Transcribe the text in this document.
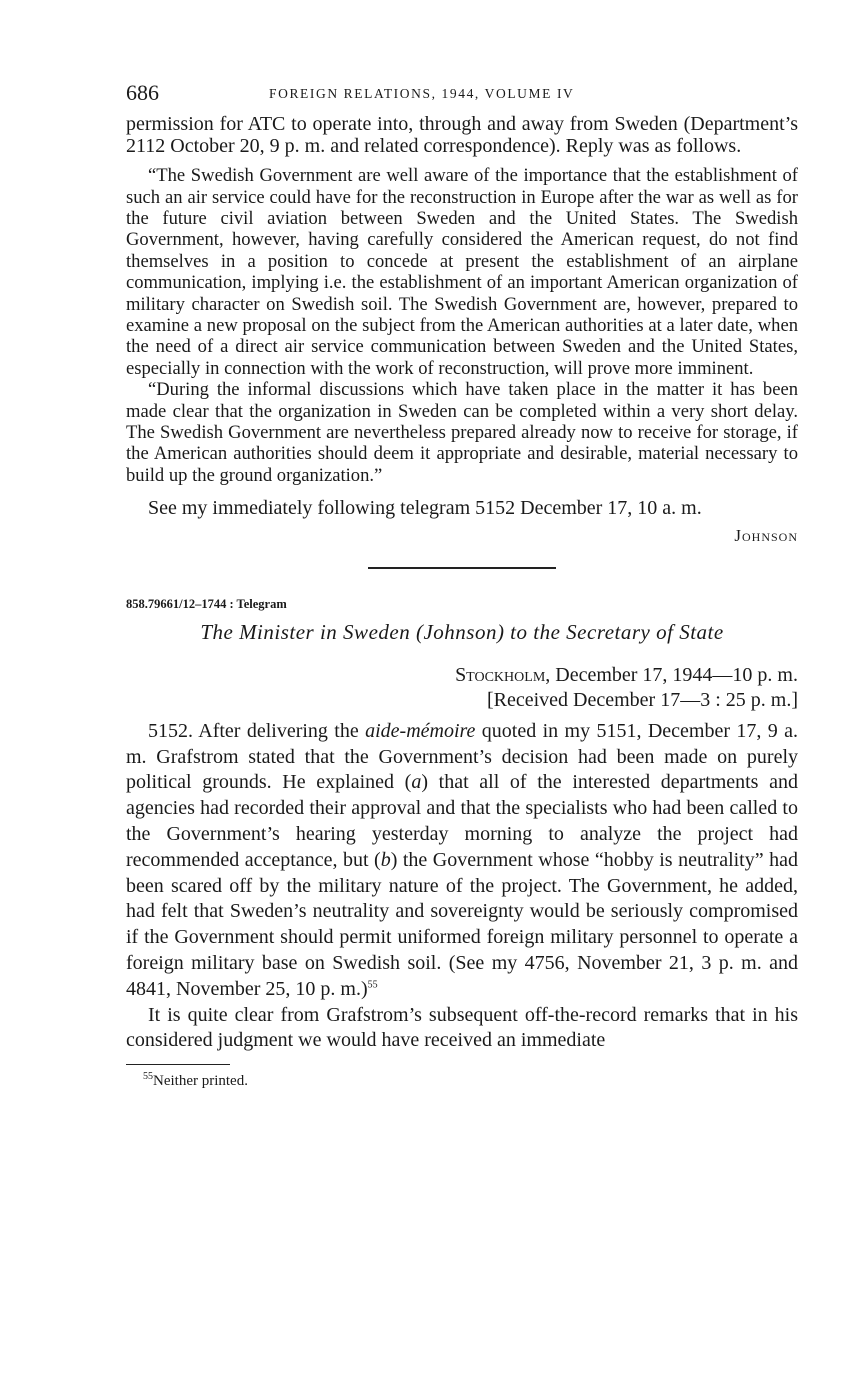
686	FOREIGN RELATIONS, 1944, VOLUME IV

permission for ATC to operate into, through and away from Sweden (Department’s 2112 October 20, 9 p. m. and related correspondence). Reply was as follows.

“The Swedish Government are well aware of the importance that the establishment of such an air service could have for the reconstruction in Europe after the war as well as for the future civil aviation between Sweden and the United States. The Swedish Government, however, having carefully considered the American request, do not find themselves in a position to concede at present the establishment of an airplane communication, implying i.e. the establishment of an important American organization of military character on Swedish soil. The Swedish Government are, however, prepared to examine a new proposal on the subject from the American authorities at a later date, when the need of a direct air service communication between Sweden and the United States, especially in connection with the work of reconstruction, will prove more imminent.

“During the informal discussions which have taken place in the matter it has been made clear that the organization in Sweden can be completed within a very short delay. The Swedish Government are nevertheless prepared already now to receive for storage, if the American authorities should deem it appropriate and desirable, material necessary to build up the ground organization.”

See my immediately following telegram 5152 December 17, 10 a. m.

Johnson
858.79661/12–1744 : Telegram
The Minister in Sweden (Johnson) to the Secretary of State
Stockholm, December 17, 1944—10 p. m.
[Received December 17—3 : 25 p. m.]

5152. After delivering the aide-mémoire quoted in my 5151, December 17, 9 a. m. Grafstrom stated that the Government’s decision had been made on purely political grounds. He explained (a) that all of the interested departments and agencies had recorded their approval and that the specialists who had been called to the Government’s hearing yesterday morning to analyze the project had recommended acceptance, but (b) the Government whose “hobby is neutrality” had been scared off by the military nature of the project. The Government, he added, had felt that Sweden’s neutrality and sovereignty would be seriously compromised if the Government should permit uniformed foreign military personnel to operate a foreign military base on Swedish soil. (See my 4756, November 21, 3 p. m. and 4841, November 25, 10 p. m.)$^{55}$

It is quite clear from Grafstrom’s subsequent off-the-record remarks that in his considered judgment we would have received an immediate

$^{55}$Neither printed.
